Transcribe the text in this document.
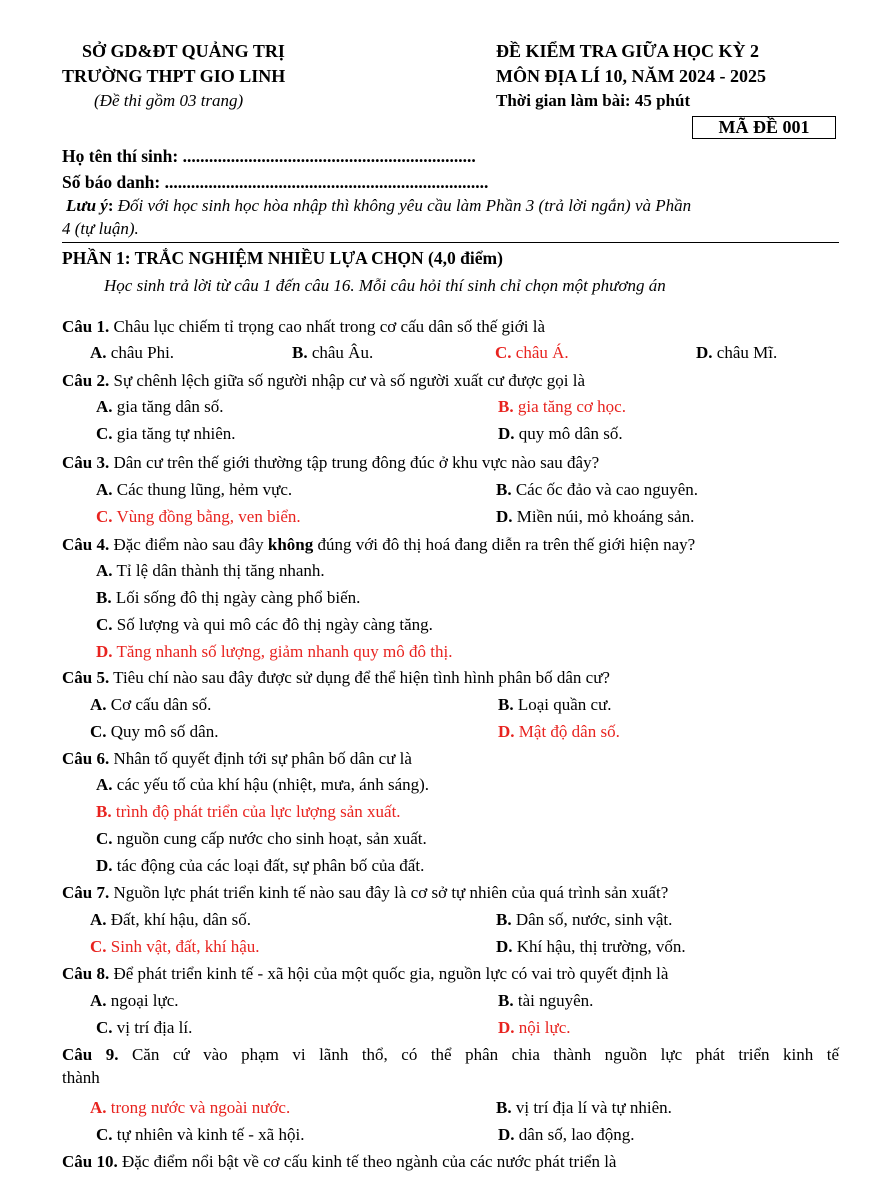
SỞ GD&ĐT QUẢNG TRỊ
TRƯỜNG THPT GIO LINH
(Đề thi gồm 03 trang)
ĐỀ KIỂM TRA GIỮA HỌC KỲ 2
MÔN ĐỊA LÍ 10, NĂM 2024 - 2025
Thời gian làm bài: 45 phút
MÃ ĐỀ 001
Họ tên thí sinh: ...................................................................
Số báo danh: ..........................................................................
Lưu ý: Đối với học sinh học hòa nhập thì không yêu cầu làm Phần 3 (trả lời ngắn) và Phần
4 (tự luận).
PHẦN 1: TRẮC NGHIỆM NHIỀU LỰA CHỌN (4,0 điểm)
Học sinh trả lời từ câu 1 đến câu 16. Mỗi câu hỏi thí sinh chỉ chọn một phương án
Câu 1. Châu lục chiếm tỉ trọng cao nhất trong cơ cấu dân số thế giới là
A. châu Phi.	B. châu Âu.	C. châu Á.	D. châu Mĩ.
Câu 2. Sự chênh lệch giữa số người nhập cư và số người xuất cư được gọi là
A. gia tăng dân số.	B. gia tăng cơ học.
C. gia tăng tự nhiên.	D. quy mô dân số.
Câu 3. Dân cư trên thế giới thường tập trung đông đúc ở khu vực nào sau đây?
A. Các thung lũng, hẻm vực.	B. Các ốc đảo và cao nguyên.
C. Vùng đồng bằng, ven biển.	D. Miền núi, mỏ khoáng sản.
Câu 4. Đặc điểm nào sau đây không đúng với đô thị hoá đang diễn ra trên thế giới hiện nay?
A. Tỉ lệ dân thành thị tăng nhanh.
B. Lối sống đô thị ngày càng phổ biến.
C. Số lượng và qui mô các đô thị ngày càng tăng.
D. Tăng nhanh số lượng, giảm nhanh quy mô đô thị.
Câu 5. Tiêu chí nào sau đây được sử dụng để thể hiện tình hình phân bố dân cư?
A. Cơ cấu dân số.	B. Loại quần cư.
C. Quy mô số dân.	D. Mật độ dân số.
Câu 6. Nhân tố quyết định tới sự phân bố dân cư là
A. các yếu tố của khí hậu (nhiệt, mưa, ánh sáng).
B. trình độ phát triển của lực lượng sản xuất.
C. nguồn cung cấp nước cho sinh hoạt, sản xuất.
D. tác động của các loại đất, sự phân bố của đất.
Câu 7. Nguồn lực phát triển kinh tế nào sau đây là cơ sở tự nhiên của quá trình sản xuất?
A. Đất, khí hậu, dân số.	B. Dân số, nước, sinh vật.
C. Sinh vật, đất, khí hậu.	D. Khí hậu, thị trường, vốn.
Câu 8. Để phát triển kinh tế - xã hội của một quốc gia, nguồn lực có vai trò quyết định là
A. ngoại lực.	B. tài nguyên.
C. vị trí địa lí.	D. nội lực.
Câu 9. Căn cứ vào phạm vi lãnh thổ, có thể phân chia thành nguồn lực phát triển kinh tế
thành
A. trong nước và ngoài nước.	B. vị trí địa lí và tự nhiên.
C. tự nhiên và kinh tế - xã hội.	D. dân số, lao động.
Câu 10. Đặc điểm nổi bật về cơ cấu kinh tế theo ngành của các nước phát triển là
